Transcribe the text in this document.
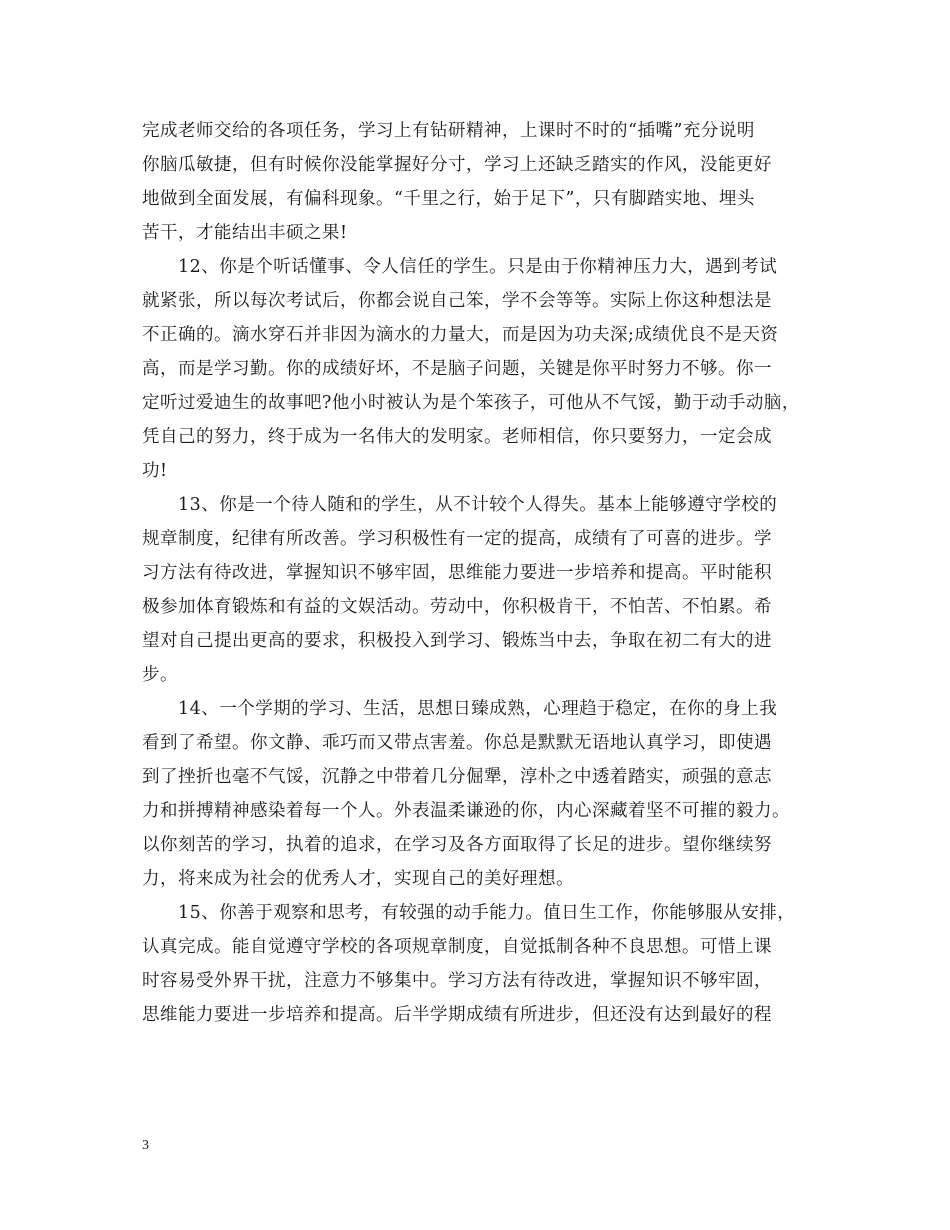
完成老师交给的各项任务，学习上有钻研精神，上课时不时的“插嘴”充分说明
你脑瓜敏捷，但有时候你没能掌握好分寸，学习上还缺乏踏实的作风，没能更好
地做到全面发展，有偏科现象。“千里之行，始于足下”，只有脚踏实地、埋头
苦干，才能结出丰硕之果!
12、你是个听话懂事、令人信任的学生。只是由于你精神压力大，遇到考试
就紧张，所以每次考试后，你都会说自己笨，学不会等等。实际上你这种想法是
不正确的。滴水穿石并非因为滴水的力量大，而是因为功夫深;成绩优良不是天资
高，而是学习勤。你的成绩好坏，不是脑子问题，关键是你平时努力不够。你一
定听过爱迪生的故事吧?他小时被认为是个笨孩子，可他从不气馁，勤于动手动脑，
凭自己的努力，终于成为一名伟大的发明家。老师相信，你只要努力，一定会成
功!
13、你是一个待人随和的学生，从不计较个人得失。基本上能够遵守学校的
规章制度，纪律有所改善。学习积极性有一定的提高，成绩有了可喜的进步。学
习方法有待改进，掌握知识不够牢固，思维能力要进一步培养和提高。平时能积
极参加体育锻炼和有益的文娱活动。劳动中，你积极肯干，不怕苦、不怕累。希
望对自己提出更高的要求，积极投入到学习、锻炼当中去，争取在初二有大的进
步。
14、一个学期的学习、生活，思想日臻成熟，心理趋于稳定，在你的身上我
看到了希望。你文静、乖巧而又带点害羞。你总是默默无语地认真学习，即使遇
到了挫折也毫不气馁，沉静之中带着几分倔犟，淳朴之中透着踏实，顽强的意志
力和拼搏精神感染着每一个人。外表温柔谦逊的你，内心深藏着坚不可摧的毅力。
以你刻苦的学习，执着的追求，在学习及各方面取得了长足的进步。望你继续努
力，将来成为社会的优秀人才，实现自己的美好理想。
15、你善于观察和思考，有较强的动手能力。值日生工作，你能够服从安排，
认真完成。能自觉遵守学校的各项规章制度，自觉抵制各种不良思想。可惜上课
时容易受外界干扰，注意力不够集中。学习方法有待改进，掌握知识不够牢固，
思维能力要进一步培养和提高。后半学期成绩有所进步，但还没有达到最好的程
3
